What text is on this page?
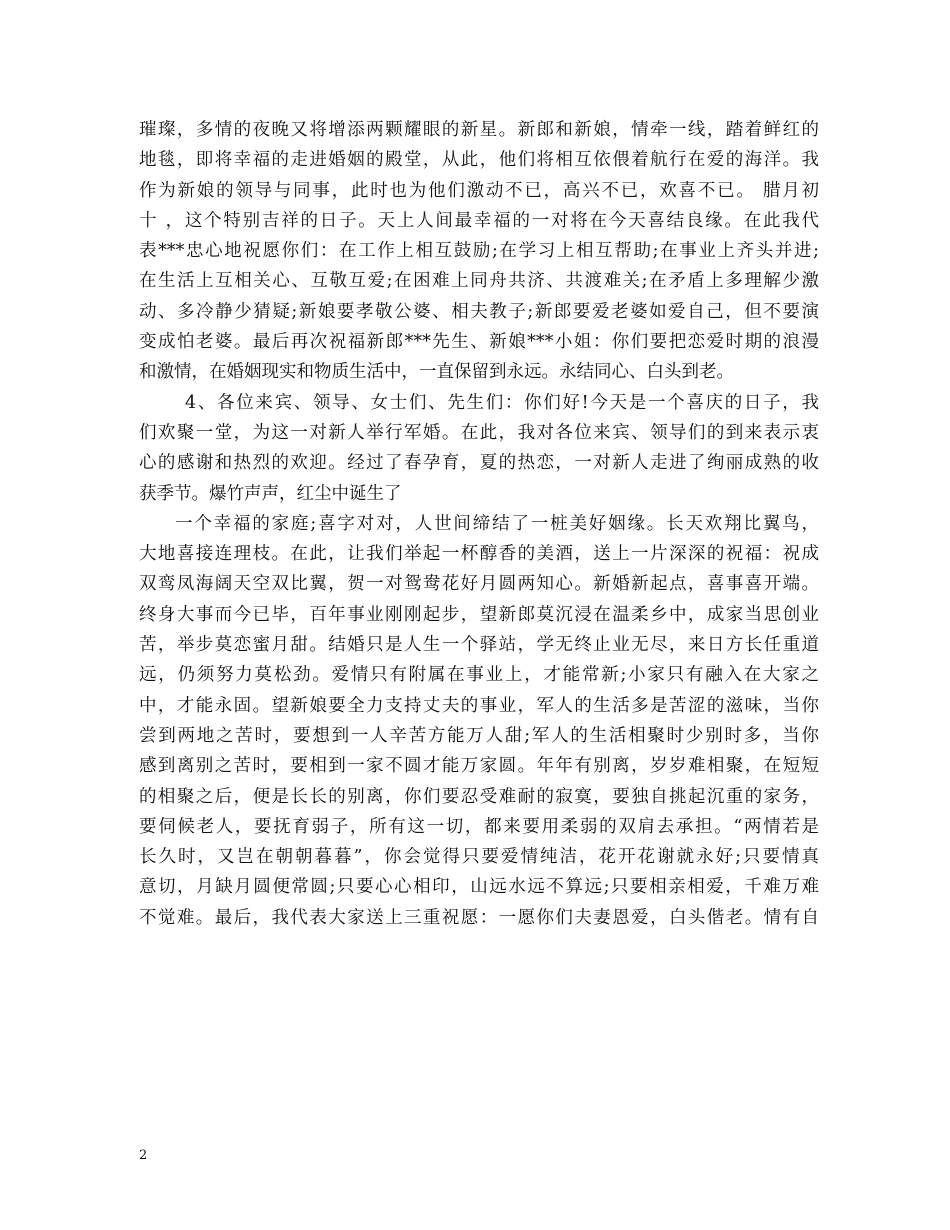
璀璨，多情的夜晚又将增添两颗耀眼的新星。新郎和新娘，情牵一线，踏着鲜红的
地毯，即将幸福的走进婚姻的殿堂，从此，他们将相互依偎着航行在爱的海洋。我
作为新娘的领导与同事，此时也为他们激动不已，高兴不已，欢喜不已。 腊月初
十 ，这个特别吉祥的日子。天上人间最幸福的一对将在今天喜结良缘。在此我代
表***忠心地祝愿你们：在工作上相互鼓励;在学习上相互帮助;在事业上齐头并进;
在生活上互相关心、互敬互爱;在困难上同舟共济、共渡难关;在矛盾上多理解少激
动、多冷静少猜疑;新娘要孝敬公婆、相夫教子;新郎要爱老婆如爱自己，但不要演
变成怕老婆。最后再次祝福新郎***先生、新娘***小姐：你们要把恋爱时期的浪漫
和激情，在婚姻现实和物质生活中，一直保留到永远。永结同心、白头到老。
4、各位来宾、领导、女士们、先生们：你们好!今天是一个喜庆的日子，我
们欢聚一堂，为这一对新人举行军婚。在此，我对各位来宾、领导们的到来表示衷
心的感谢和热烈的欢迎。经过了春孕育，夏的热恋，一对新人走进了绚丽成熟的收
获季节。爆竹声声，红尘中诞生了
一个幸福的家庭;喜字对对，人世间缔结了一桩美好姻缘。长天欢翔比翼鸟，
大地喜接连理枝。在此，让我们举起一杯醇香的美酒，送上一片深深的祝福：祝成
双鸾凤海阔天空双比翼，贺一对鸳鸯花好月圆两知心。新婚新起点，喜事喜开端。
终身大事而今已毕，百年事业刚刚起步，望新郎莫沉浸在温柔乡中，成家当思创业
苦，举步莫恋蜜月甜。结婚只是人生一个驿站，学无终止业无尽，来日方长任重道
远，仍须努力莫松劲。爱情只有附属在事业上，才能常新;小家只有融入在大家之
中，才能永固。望新娘要全力支持丈夫的事业，军人的生活多是苦涩的滋味，当你
尝到两地之苦时，要想到一人辛苦方能万人甜;军人的生活相聚时少别时多，当你
感到离别之苦时，要相到一家不圆才能万家圆。年年有别离，岁岁难相聚，在短短
的相聚之后，便是长长的别离，你们要忍受难耐的寂寞，要独自挑起沉重的家务，
要伺候老人，要抚育弱子，所有这一切，都来要用柔弱的双肩去承担。“两情若是
长久时，又岂在朝朝暮暮”，你会觉得只要爱情纯洁，花开花谢就永好;只要情真
意切，月缺月圆便常圆;只要心心相印，山远水远不算远;只要相亲相爱，千难万难
不觉难。最后，我代表大家送上三重祝愿：一愿你们夫妻恩爱，白头偕老。情有自
2
